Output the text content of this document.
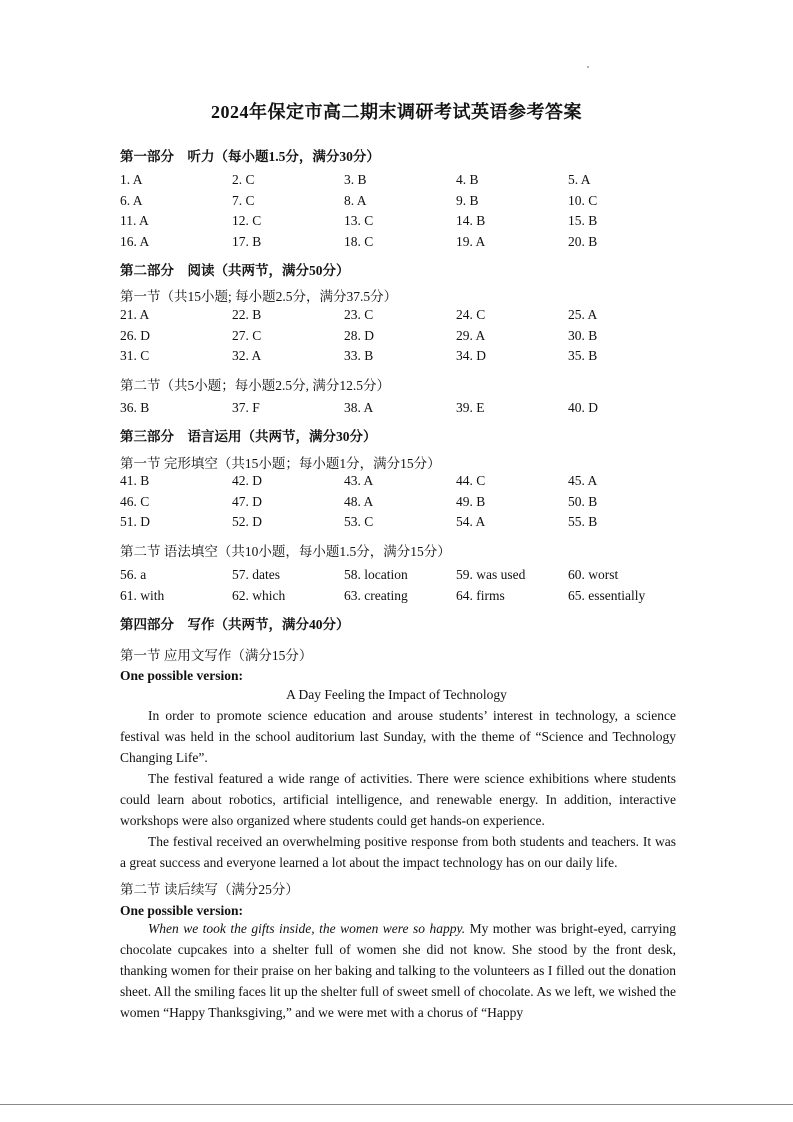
2024年保定市高二期末调研考试英语参考答案
第一部分　听力（每小题1.5分，满分30分）
1. A	2. C	3. B	4. B	5. A
6. A	7. C	8. A	9. B	10. C
11. A	12. C	13. C	14. B	15. B
16. A	17. B	18. C	19. A	20. B
第二部分　阅读（共两节，满分50分）
第一节（共15小题; 每小题2.5分，满分37.5分）
21. A	22. B	23. C	24. C	25. A
26. D	27. C	28. D	29. A	30. B
31. C	32. A	33. B	34. D	35. B
第二节（共5小题；每小题2.5分, 满分12.5分）
36. B	37. F	38. A	39. E	40. D
第三部分　语言运用（共两节，满分30分）
第一节 完形填空（共15小题；每小题1分，满分15分）
41. B	42. D	43. A	44. C	45. A
46. C	47. D	48. A	49. B	50. B
51. D	52. D	53. C	54. A	55. B
第二节 语法填空（共10小题，每小题1.5分，满分15分）
56. a	57. dates	58. location	59. was used	60. worst
61. with	62. which	63. creating	64. firms	65. essentially
第四部分　写作（共两节，满分40分）
第一节 应用文写作（满分15分）
One possible version:
A Day Feeling the Impact of Technology

In order to promote science education and arouse students’ interest in technology, a science festival was held in the school auditorium last Sunday, with the theme of “Science and Technology Changing Life”.

The festival featured a wide range of activities. There were science exhibitions where students could learn about robotics, artificial intelligence, and renewable energy. In addition, interactive workshops were also organized where students could get hands-on experience.

The festival received an overwhelming positive response from both students and teachers. It was a great success and everyone learned a lot about the impact technology has on our daily life.

第二节 读后续写（满分25分）
One possible version:

When we took the gifts inside, the women were so happy. My mother was bright-eyed, carrying chocolate cupcakes into a shelter full of women she did not know. She stood by the front desk, thanking women for their praise on her baking and talking to the volunteers as I filled out the donation sheet. All the smiling faces lit up the shelter full of sweet smell of chocolate. As we left, we wished the women “Happy Thanksgiving,” and we were met with a chorus of “Happy
